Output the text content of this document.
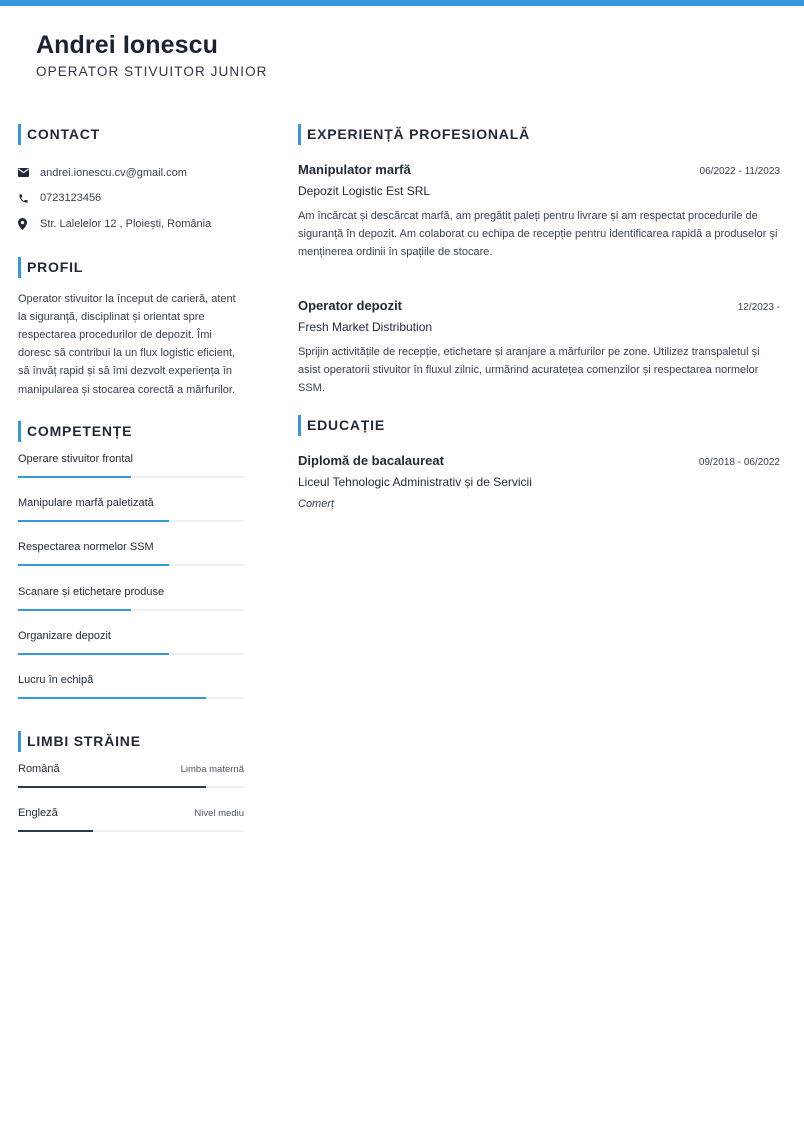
Andrei Ionescu
OPERATOR STIVUITOR JUNIOR
CONTACT
andrei.ionescu.cv@gmail.com
0723123456
Str. Lalelelor 12 , Ploiești, România
PROFIL
Operator stivuitor la început de carieră, atent la siguranță, disciplinat și orientat spre respectarea procedurilor de depozit. Îmi doresc să contribui la un flux logistic eficient, să învăț rapid și să îmi dezvolt experiența în manipularea și stocarea corectă a mărfurilor.
COMPETENȚE
Operare stivuitor frontal
Manipulare marfă paletizată
Respectarea normelor SSM
Scanare și etichetare produse
Organizare depozit
Lucru în echipă
LIMBI STRĂINE
Română	Limba maternă
Engleză	Nivel mediu
EXPERIENȚĂ PROFESIONALĂ
Manipulator marfă	06/2022 - 11/2023
Depozit Logistic Est SRL
Am încărcat și descărcat marfă, am pregătit paleți pentru livrare și am respectat procedurile de siguranță în depozit. Am colaborat cu echipa de recepție pentru identificarea rapidă a produselor și menținerea ordinii în spațiile de stocare.
Operator depozit	12/2023 -
Fresh Market Distribution
Sprijin activitățile de recepție, etichetare și aranjare a mărfurilor pe zone. Utilizez transpaletul și asist operatorii stivuitor în fluxul zilnic, urmărind acuratețea comenzilor și respectarea normelor SSM.
EDUCAȚIE
Diplomă de bacalaureat	09/2018 - 06/2022
Liceul Tehnologic Administrativ și de Servicii
Comerț
